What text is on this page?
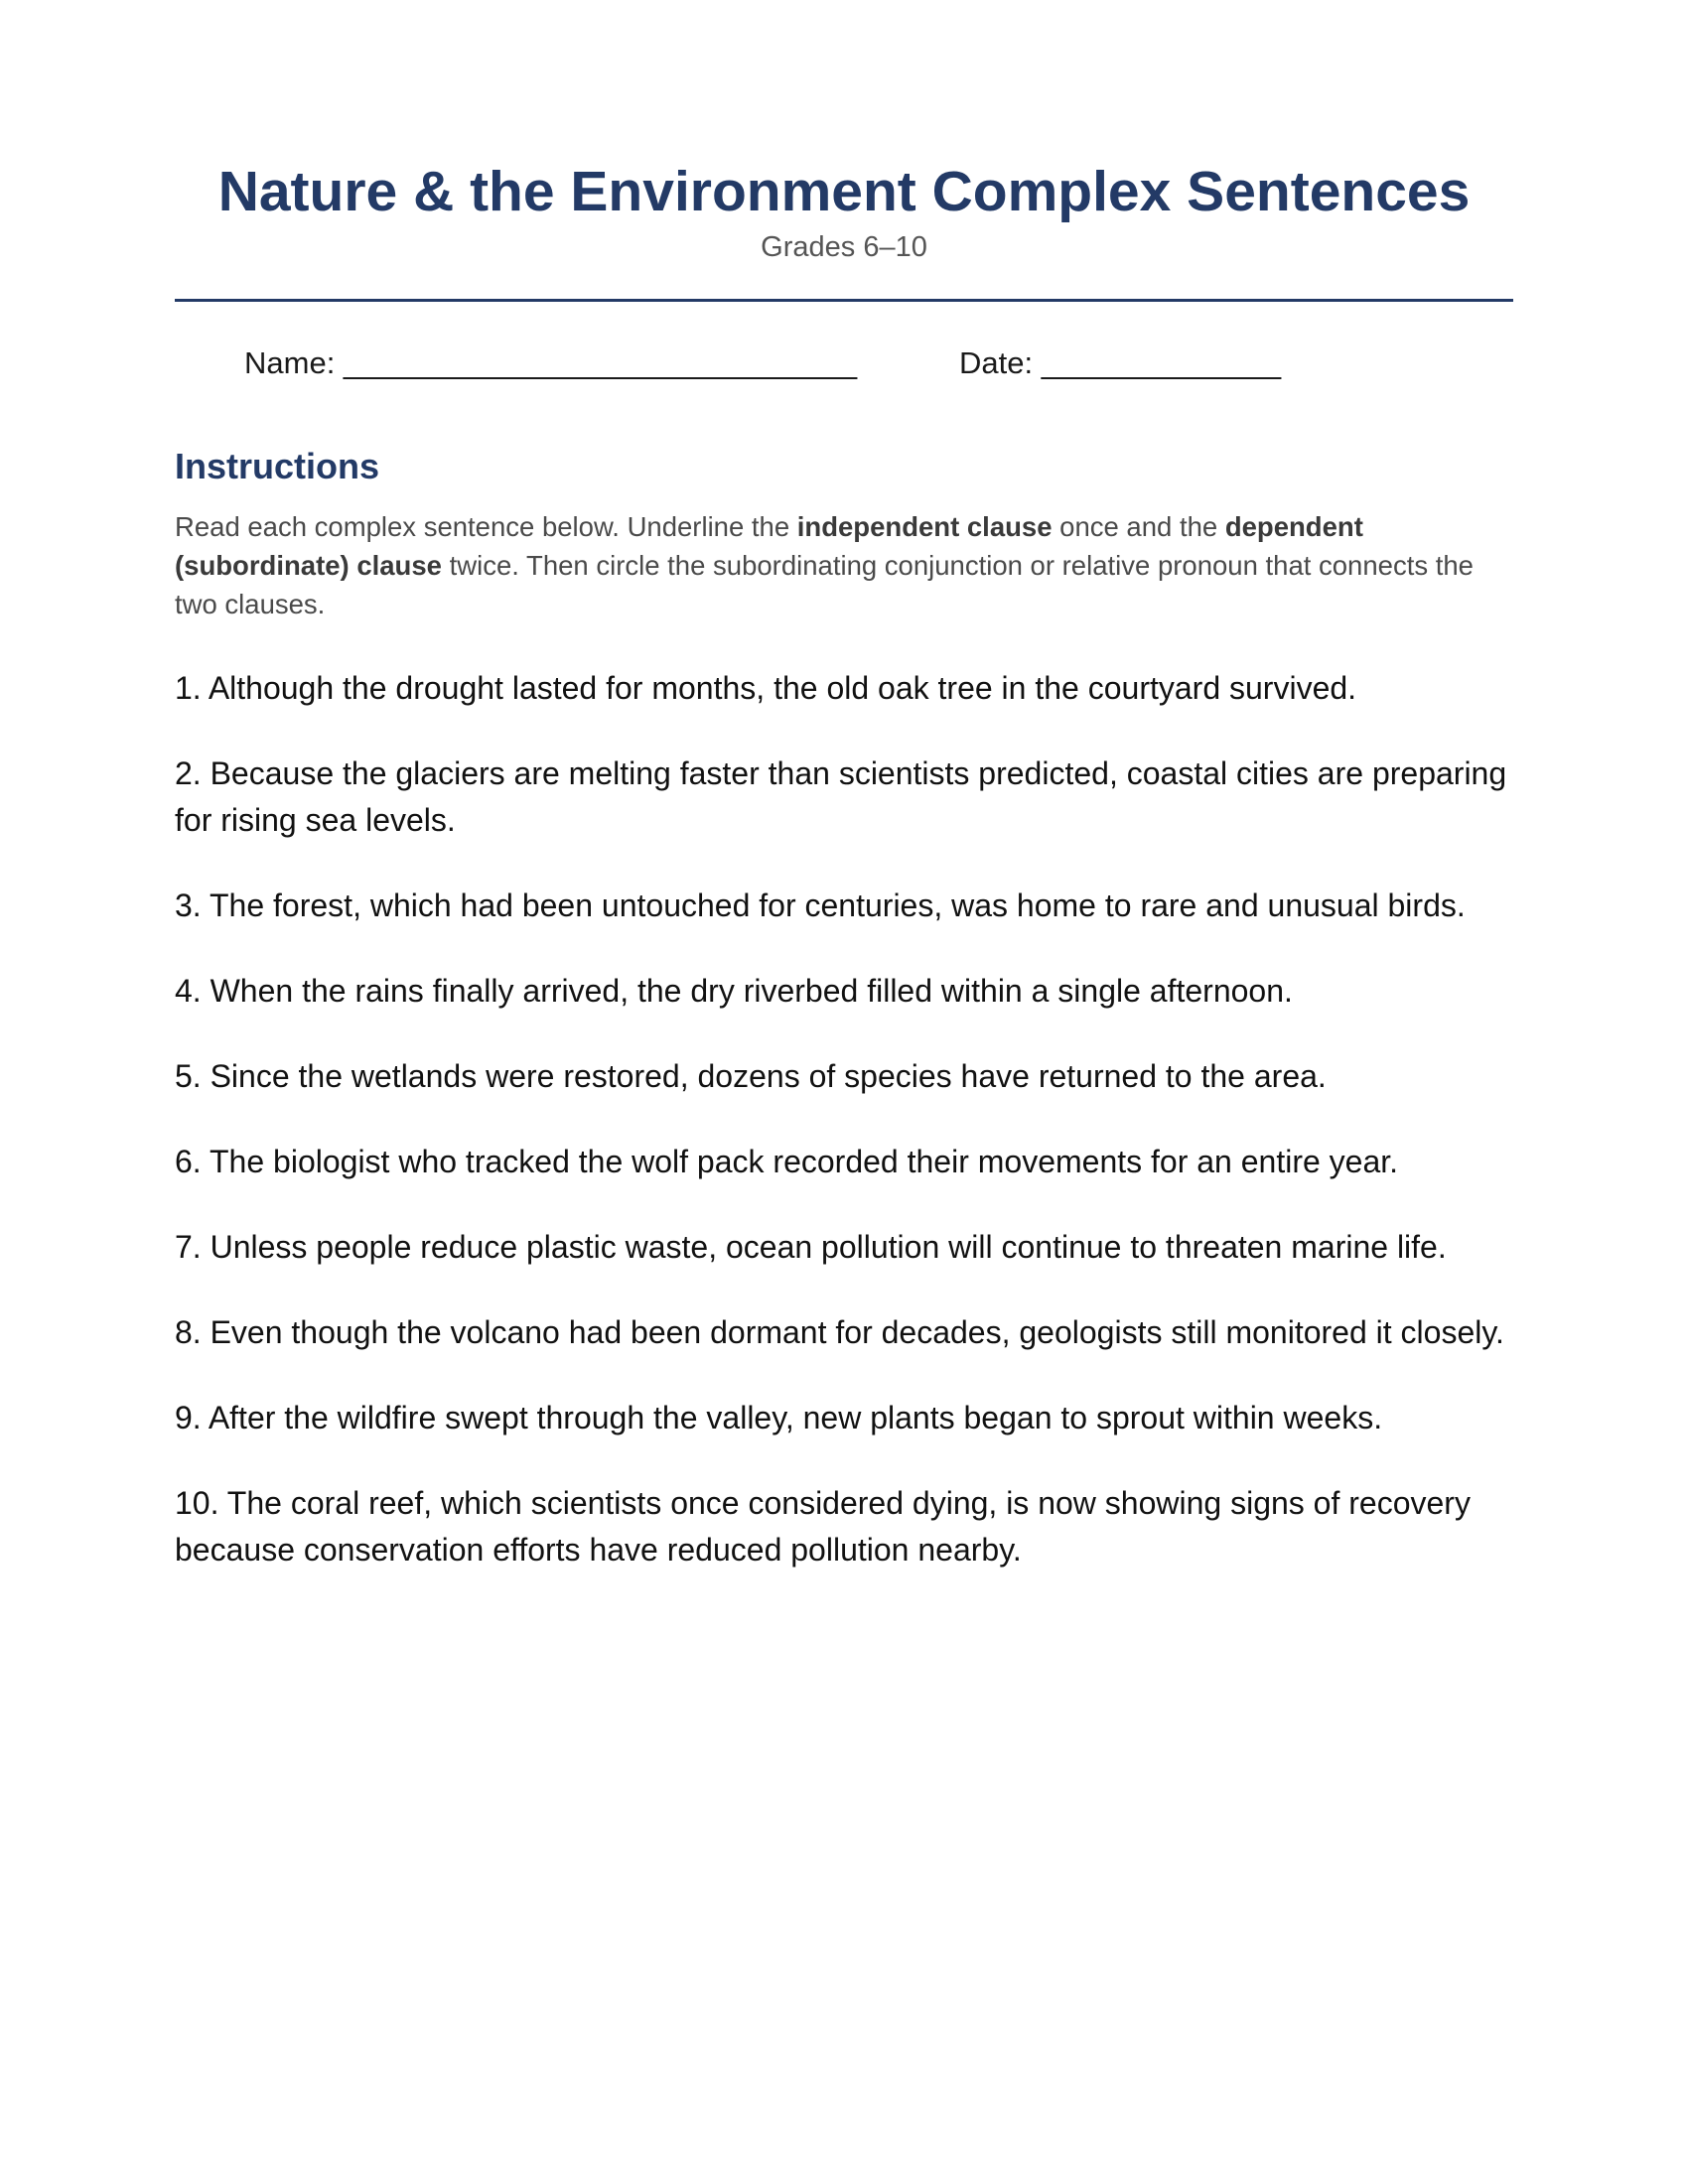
Nature & the Environment Complex Sentences
Grades 6–10
Name: ______________________________	Date: ______________
Instructions

Read each complex sentence below. Underline the independent clause once and the dependent (subordinate) clause twice. Then circle the subordinating conjunction or relative pronoun that connects the two clauses.

1. Although the drought lasted for months, the old oak tree in the courtyard survived.
2. Because the glaciers are melting faster than scientists predicted, coastal cities are preparing for rising sea levels.
3. The forest, which had been untouched for centuries, was home to rare and unusual birds.
4. When the rains finally arrived, the dry riverbed filled within a single afternoon.
5. Since the wetlands were restored, dozens of species have returned to the area.
6. The biologist who tracked the wolf pack recorded their movements for an entire year.
7. Unless people reduce plastic waste, ocean pollution will continue to threaten marine life.
8. Even though the volcano had been dormant for decades, geologists still monitored it closely.
9. After the wildfire swept through the valley, new plants began to sprout within weeks.
10. The coral reef, which scientists once considered dying, is now showing signs of recovery because conservation efforts have reduced pollution nearby.
